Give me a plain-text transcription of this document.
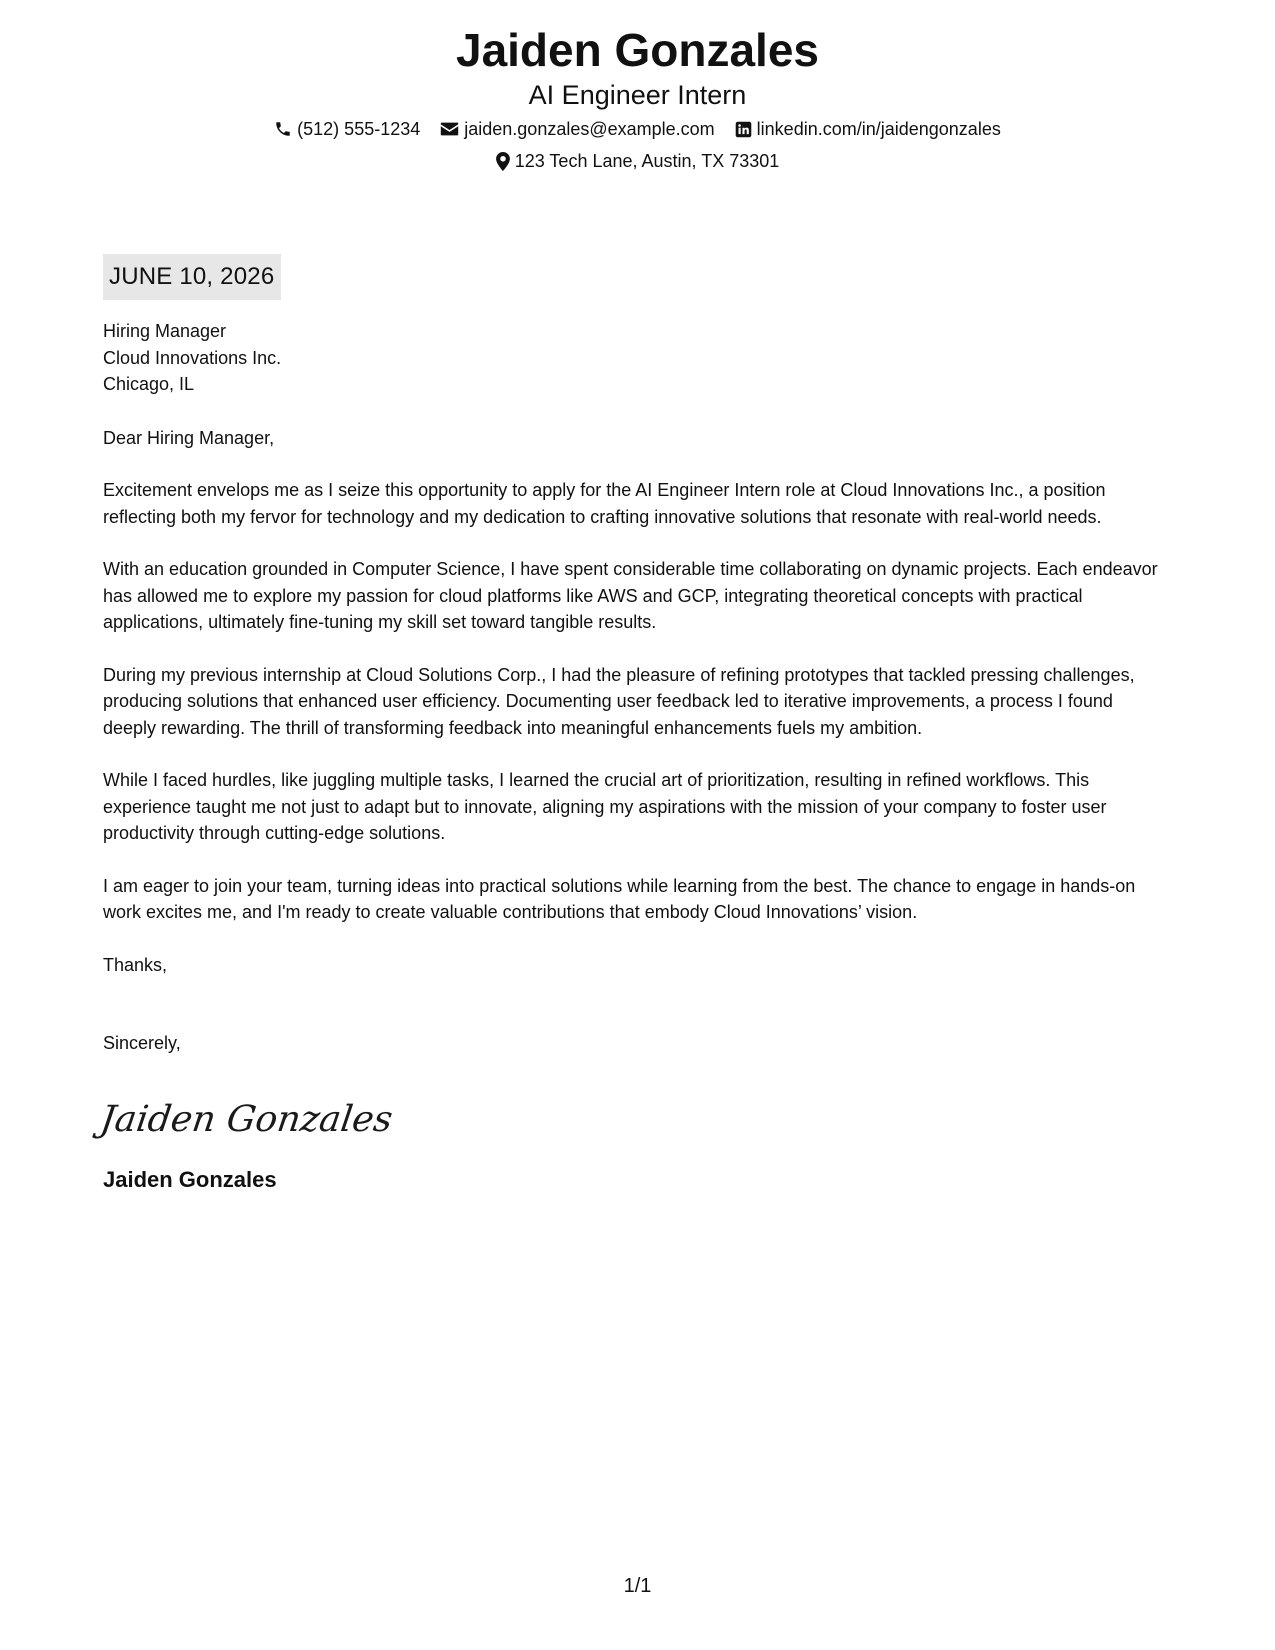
Jaiden Gonzales
AI Engineer Intern
(512) 555-1234 jaiden.gonzales@example.com linkedin.com/in/jaidengonzales
123 Tech Lane, Austin, TX 73301
JUNE 10, 2026

Hiring Manager

Cloud Innovations Inc.

Chicago, IL

Dear Hiring Manager,

Excitement envelops me as I seize this opportunity to apply for the AI Engineer Intern role at Cloud Innovations Inc., a position reflecting both my fervor for technology and my dedication to crafting innovative solutions that resonate with real-world needs.

With an education grounded in Computer Science, I have spent considerable time collaborating on dynamic projects. Each endeavor has allowed me to explore my passion for cloud platforms like AWS and GCP, integrating theoretical concepts with practical applications, ultimately fine-tuning my skill set toward tangible results.

During my previous internship at Cloud Solutions Corp., I had the pleasure of refining prototypes that tackled pressing challenges, producing solutions that enhanced user efficiency. Documenting user feedback led to iterative improvements, a process I found deeply rewarding. The thrill of transforming feedback into meaningful enhancements fuels my ambition.

While I faced hurdles, like juggling multiple tasks, I learned the crucial art of prioritization, resulting in refined workflows. This experience taught me not just to adapt but to innovate, aligning my aspirations with the mission of your company to foster user productivity through cutting-edge solutions.

I am eager to join your team, turning ideas into practical solutions while learning from the best. The chance to engage in hands-on work excites me, and I'm ready to create valuable contributions that embody Cloud Innovations’ vision.

Thanks,

Sincerely,

Jaiden Gonzales
Jaiden Gonzales
1/1
